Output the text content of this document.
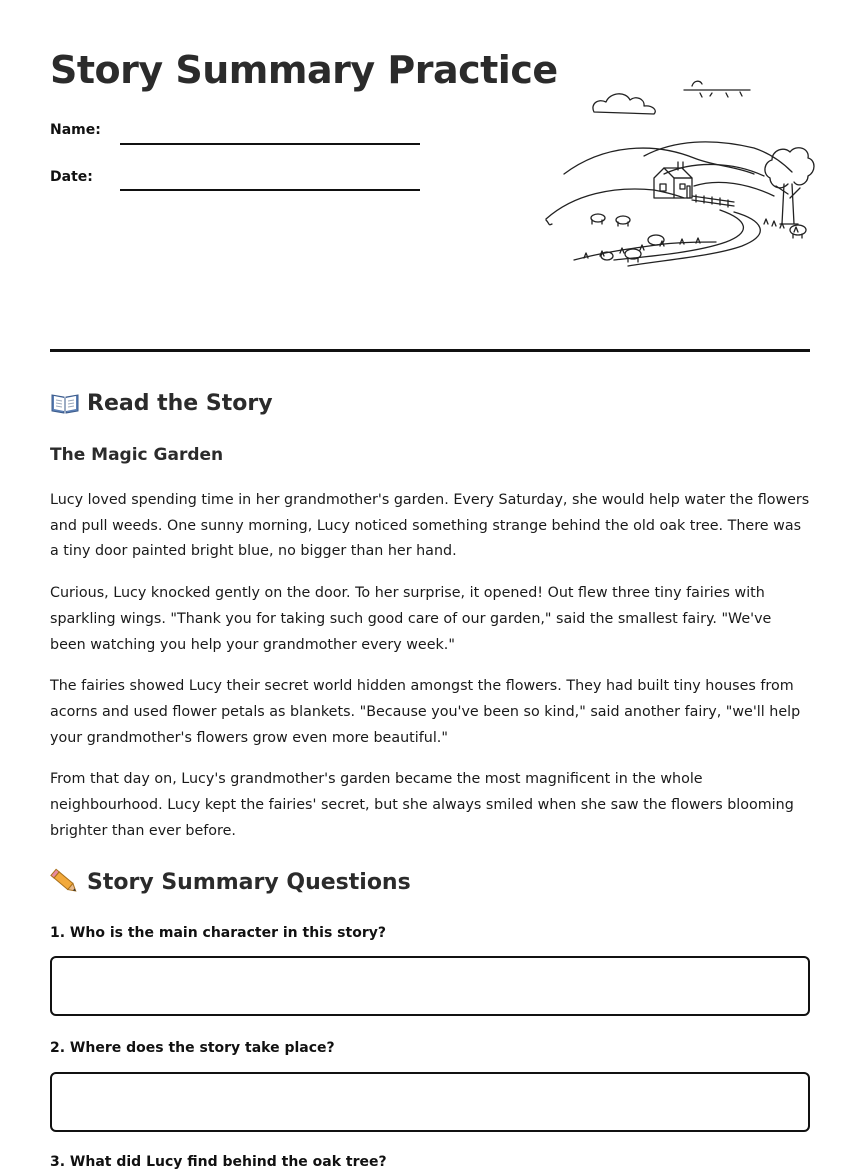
Story Summary Practice
Name:
Date:
Read the Story
The Magic Garden

Lucy loved spending time in her grandmother's garden. Every Saturday, she would help water the flowers and pull weeds. One sunny morning, Lucy noticed something strange behind the old oak tree. There was a tiny door painted bright blue, no bigger than her hand.

Curious, Lucy knocked gently on the door. To her surprise, it opened! Out flew three tiny fairies with sparkling wings. "Thank you for taking such good care of our garden," said the smallest fairy. "We've been watching you help your grandmother every week."

The fairies showed Lucy their secret world hidden amongst the flowers. They had built tiny houses from acorns and used flower petals as blankets. "Because you've been so kind," said another fairy, "we'll help your grandmother's flowers grow even more beautiful."

From that day on, Lucy's grandmother's garden became the most magnificent in the whole neighbourhood. Lucy kept the fairies' secret, but she always smiled when she saw the flowers blooming brighter than ever before.

Story Summary Questions

1. Who is the main character in this story?

2. Where does the story take place?

3. What did Lucy find behind the oak tree?
